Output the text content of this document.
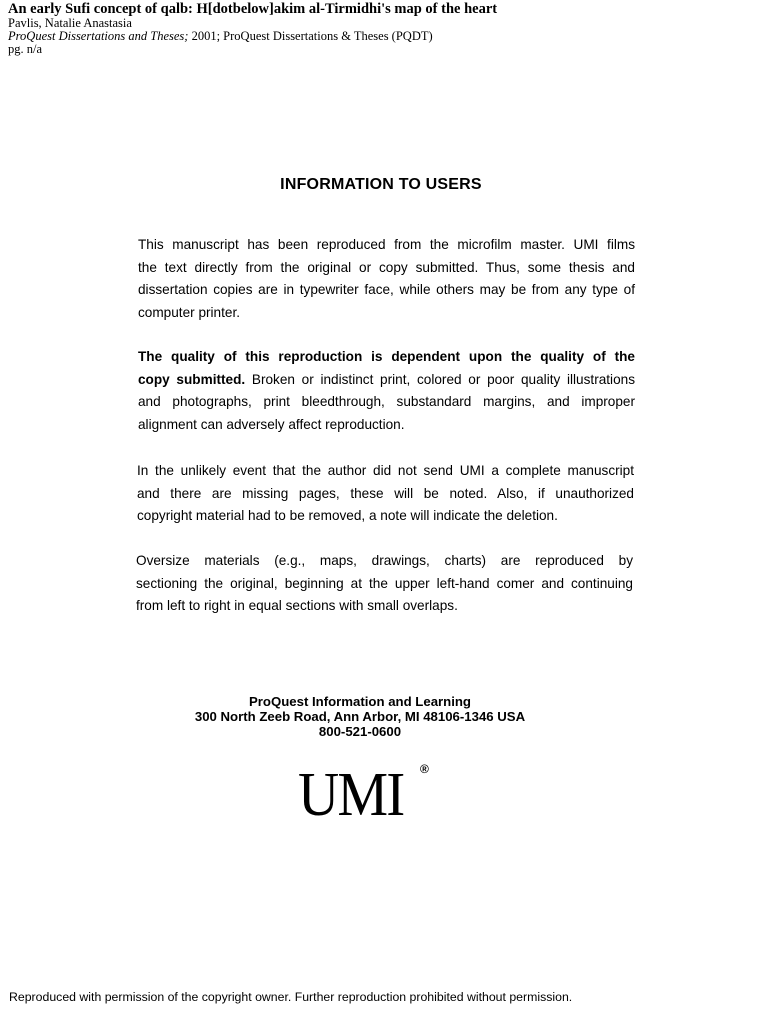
An early Sufi concept of qalb: H[dotbelow]akim al-Tirmidhi's map of the heart
Pavlis, Natalie Anastasia
ProQuest Dissertations and Theses; 2001; ProQuest Dissertations & Theses (PQDT)
pg. n/a
INFORMATION TO USERS
This manuscript has been reproduced from the microfilm master. UMI films
the text directly from the original or copy submitted. Thus, some thesis and
dissertation copies are in typewriter face, while others may be from any type of
computer printer.
The quality of this reproduction is dependent upon the quality of the
copy submitted. Broken or indistinct print, colored or poor quality illustrations
and photographs, print bleedthrough, substandard margins, and improper
alignment can adversely affect reproduction.
In the unlikely event that the author did not send UMI a complete manuscript
and there are missing pages, these will be noted. Also, if unauthorized
copyright material had to be removed, a note will indicate the deletion.
Oversize materials (e.g., maps, drawings, charts) are reproduced by
sectioning the original, beginning at the upper left-hand comer and continuing
from left to right in equal sections with small overlaps.
ProQuest Information and Learning
300 North Zeeb Road, Ann Arbor, MI 48106-1346 USA
800-521-0600
UMI ®
Reproduced with permission of the copyright owner. Further reproduction prohibited without permission.
